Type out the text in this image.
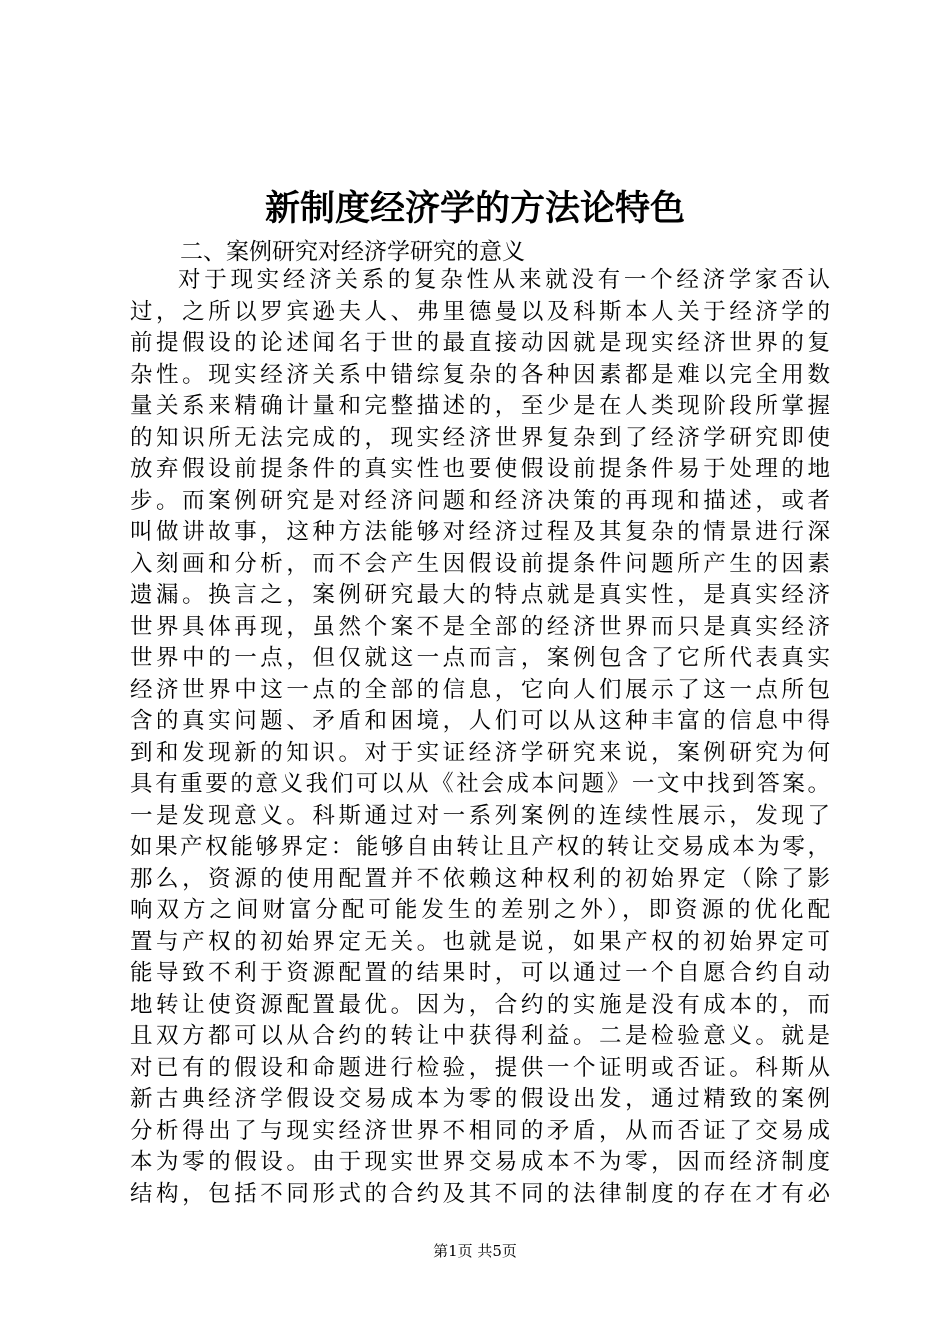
新制度经济学的方法论特色

二、案例研究对经济学研究的意义

对于现实经济关系的复杂性从来就没有一个经济学家否认
过，之所以罗宾逊夫人、弗里德曼以及科斯本人关于经济学的
前提假设的论述闻名于世的最直接动因就是现实经济世界的复
杂性。现实经济关系中错综复杂的各种因素都是难以完全用数
量关系来精确计量和完整描述的，至少是在人类现阶段所掌握
的知识所无法完成的，现实经济世界复杂到了经济学研究即使
放弃假设前提条件的真实性也要使假设前提条件易于处理的地
步。而案例研究是对经济问题和经济决策的再现和描述，或者
叫做讲故事，这种方法能够对经济过程及其复杂的情景进行深
入刻画和分析，而不会产生因假设前提条件问题所产生的因素
遗漏。换言之，案例研究最大的特点就是真实性，是真实经济
世界具体再现，虽然个案不是全部的经济世界而只是真实经济
世界中的一点，但仅就这一点而言，案例包含了它所代表真实
经济世界中这一点的全部的信息，它向人们展示了这一点所包
含的真实问题、矛盾和困境，人们可以从这种丰富的信息中得
到和发现新的知识。对于实证经济学研究来说，案例研究为何
具有重要的意义我们可以从《社会成本问题》一文中找到答案。
一是发现意义。科斯通过对一系列案例的连续性展示，发现了
如果产权能够界定：能够自由转让且产权的转让交易成本为零，
那么，资源的使用配置并不依赖这种权利的初始界定（除了影
响双方之间财富分配可能发生的差别之外），即资源的优化配
置与产权的初始界定无关。也就是说，如果产权的初始界定可
能导致不利于资源配置的结果时，可以通过一个自愿合约自动
地转让使资源配置最优。因为，合约的实施是没有成本的，而
且双方都可以从合约的转让中获得利益。二是检验意义。就是
对已有的假设和命题进行检验，提供一个证明或否证。科斯从
新古典经济学假设交易成本为零的假设出发，通过精致的案例
分析得出了与现实经济世界不相同的矛盾，从而否证了交易成
本为零的假设。由于现实世界交易成本不为零，因而经济制度
结构，包括不同形式的合约及其不同的法律制度的存在才有必
第1页 共5页
